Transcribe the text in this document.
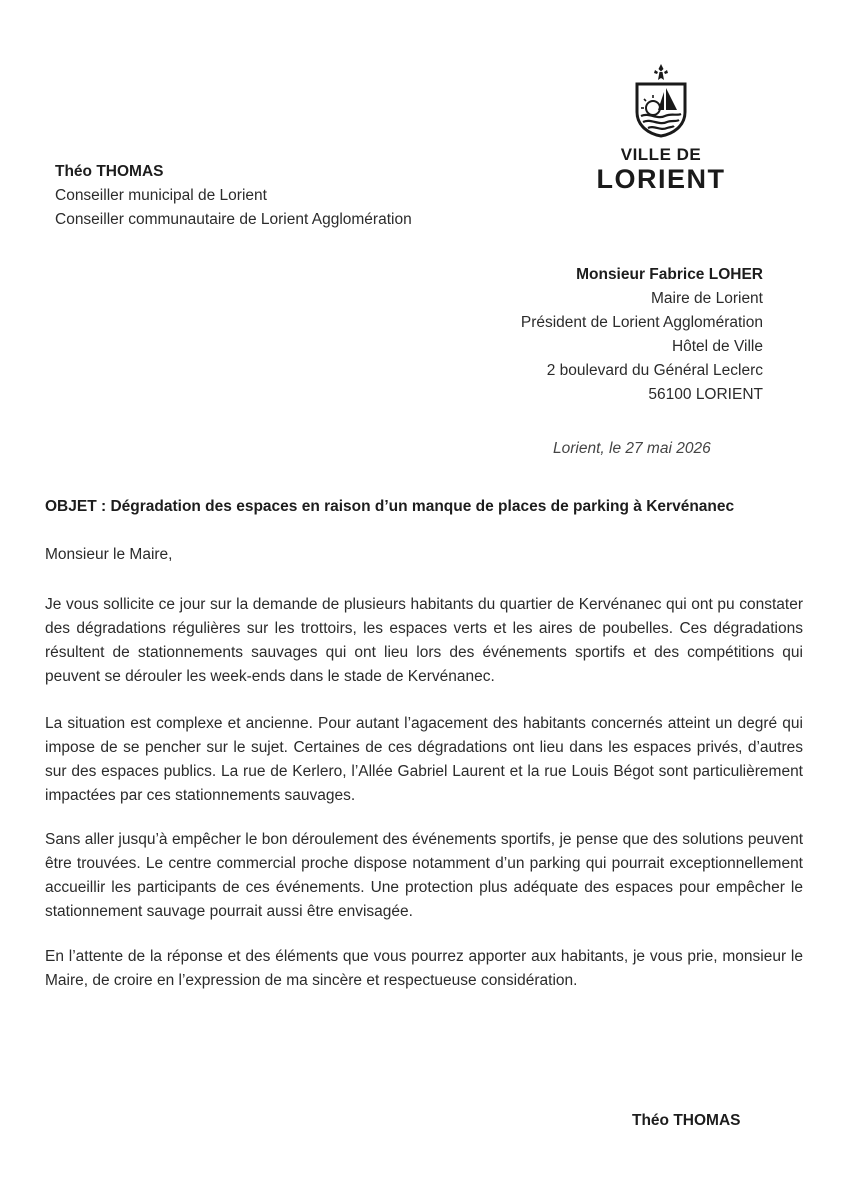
Théo THOMAS
Conseiller municipal de Lorient
Conseiller communautaire de Lorient Agglomération
VILLE DE
LORIENT
Monsieur Fabrice LOHER
Maire de Lorient
Président de Lorient Agglomération
Hôtel de Ville
2 boulevard du Général Leclerc
56100 LORIENT
Lorient, le 27 mai 2026
OBJET : Dégradation des espaces en raison d’un manque de places de parking à Kervénanec
Monsieur le Maire,

Je vous sollicite ce jour sur la demande de plusieurs habitants du quartier de Kervénanec qui ont pu constater des dégradations régulières sur les trottoirs, les espaces verts et les aires de poubelles. Ces dégradations résultent de stationnements sauvages qui ont lieu lors des événements sportifs et des compétitions qui peuvent se dérouler les week-ends dans le stade de Kervénanec.

La situation est complexe et ancienne. Pour autant l’agacement des habitants concernés atteint un degré qui impose de se pencher sur le sujet. Certaines de ces dégradations ont lieu dans les espaces privés, d’autres sur des espaces publics. La rue de Kerlero, l’Allée Gabriel Laurent et la rue Louis Bégot sont particulièrement impactées par ces stationnements sauvages.

Sans aller jusqu’à empêcher le bon déroulement des événements sportifs, je pense que des solutions peuvent être trouvées. Le centre commercial proche dispose notamment d’un parking qui pourrait exceptionnellement accueillir les participants de ces événements. Une protection plus adéquate des espaces pour empêcher le stationnement sauvage pourrait aussi être envisagée.

En l’attente de la réponse et des éléments que vous pourrez apporter aux habitants, je vous prie, monsieur le Maire, de croire en l’expression de ma sincère et respectueuse considération.

Théo THOMAS
